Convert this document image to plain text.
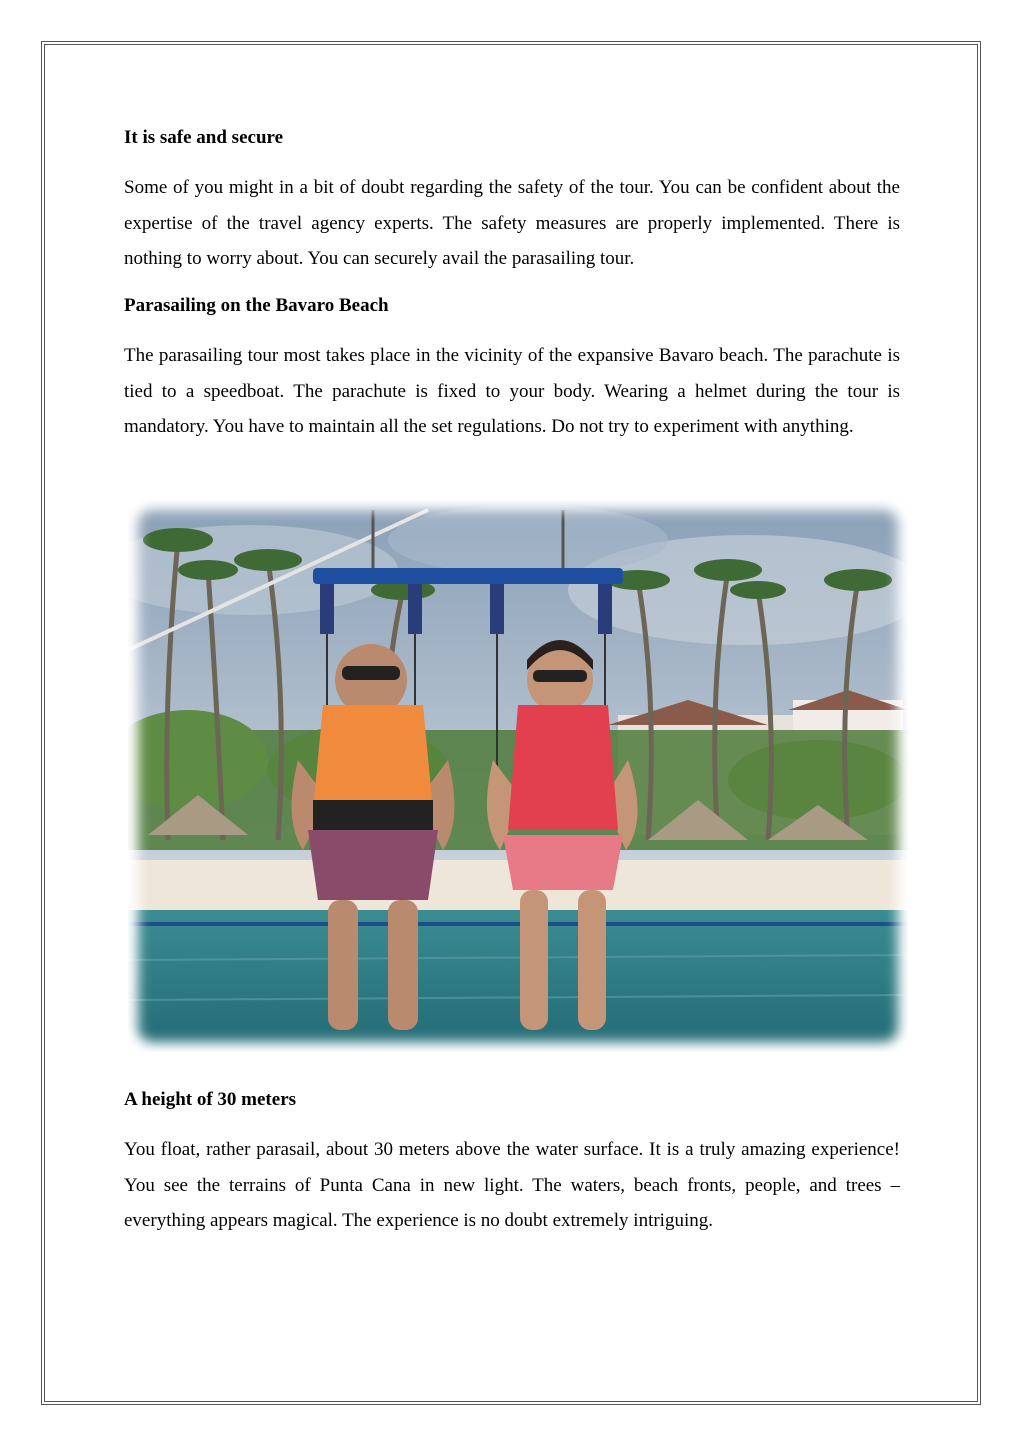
It is safe and secure

Some of you might in a bit of doubt regarding the safety of the tour. You can be confident about the expertise of the travel agency experts. The safety measures are properly implemented. There is nothing to worry about. You can securely avail the parasailing tour.

Parasailing on the Bavaro Beach

The parasailing tour most takes place in the vicinity of the expansive Bavaro beach. The parachute is tied to a speedboat. The parachute is fixed to your body. Wearing a helmet during the tour is mandatory. You have to maintain all the set regulations. Do not try to experiment with anything.

A height of 30 meters

You float, rather parasail, about 30 meters above the water surface. It is a truly amazing experience! You see the terrains of Punta Cana in new light. The waters, beach fronts, people, and trees – everything appears magical. The experience is no doubt extremely intriguing.
